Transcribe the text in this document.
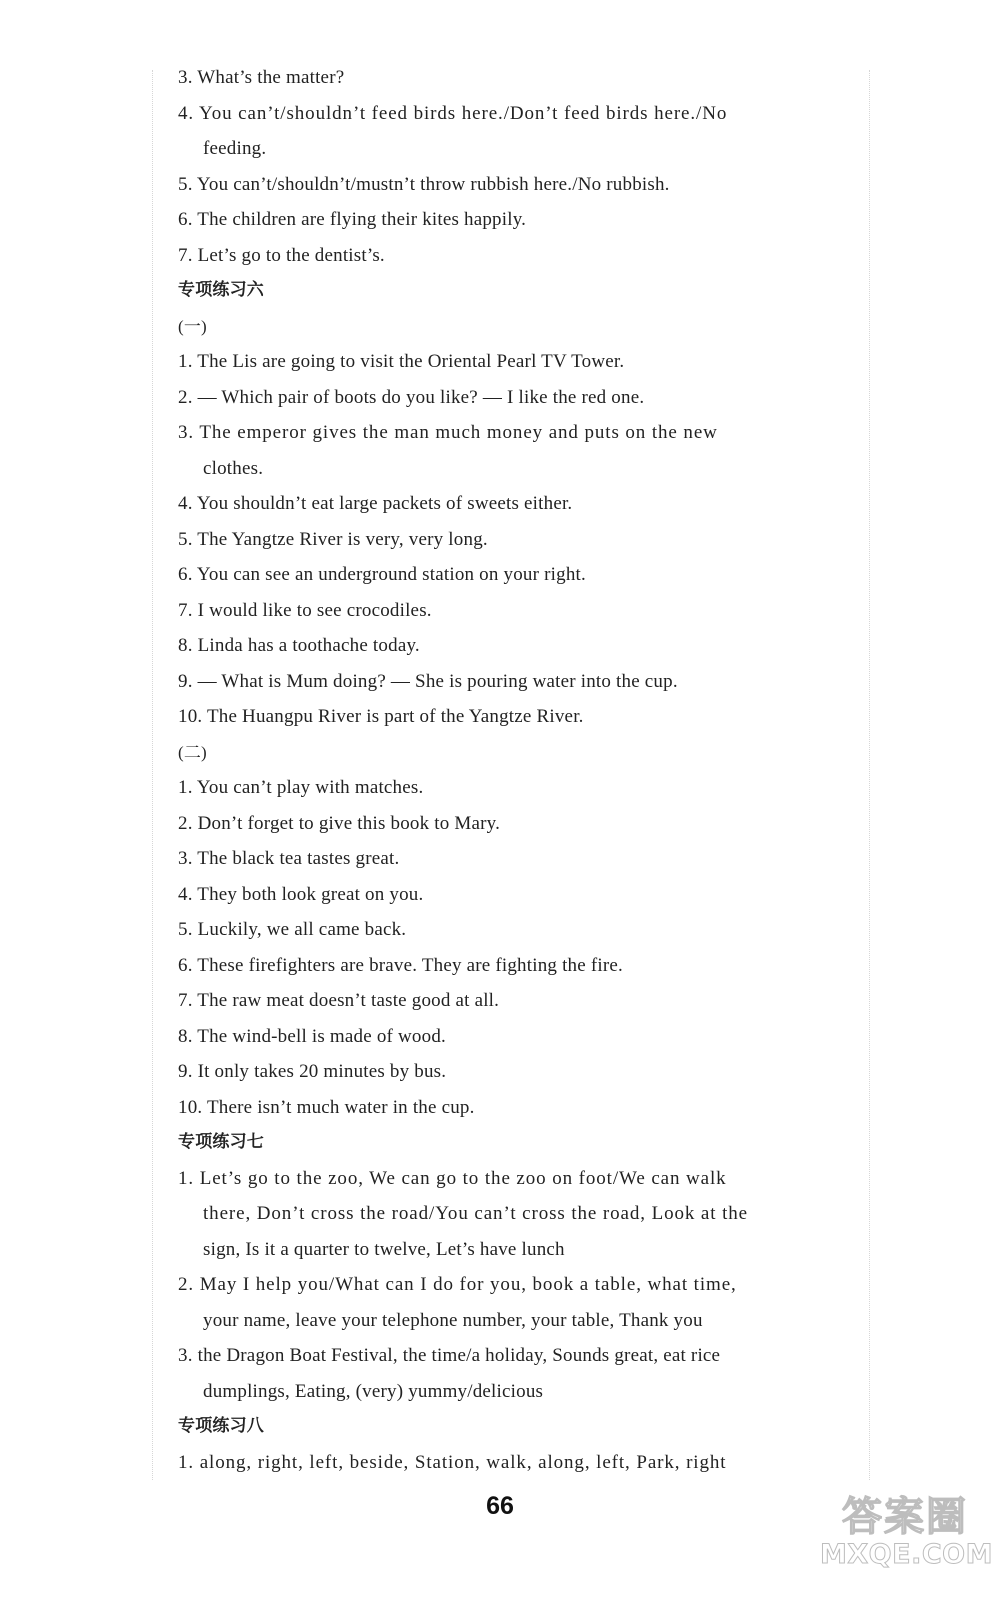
3. What’s the matter?
4. You can’t/shouldn’t feed birds here./Don’t feed birds here./No
feeding.
5. You can’t/shouldn’t/mustn’t throw rubbish here./No rubbish.
6. The children are flying their kites happily.
7. Let’s go to the dentist’s.
专项练习六
(一)
1. The Lis are going to visit the Oriental Pearl TV Tower.
2. — Which pair of boots do you like? — I like the red one.
3. The emperor gives the man much money and puts on the new
clothes.
4. You shouldn’t eat large packets of sweets either.
5. The Yangtze River is very, very long.
6. You can see an underground station on your right.
7. I would like to see crocodiles.
8. Linda has a toothache today.
9. — What is Mum doing? — She is pouring water into the cup.
10. The Huangpu River is part of the Yangtze River.
(二)
1. You can’t play with matches.
2. Don’t forget to give this book to Mary.
3. The black tea tastes great.
4. They both look great on you.
5. Luckily, we all came back.
6. These firefighters are brave. They are fighting the fire.
7. The raw meat doesn’t taste good at all.
8. The wind-bell is made of wood.
9. It only takes 20 minutes by bus.
10. There isn’t much water in the cup.
专项练习七
1. Let’s go to the zoo, We can go to the zoo on foot/We can walk
there, Don’t cross the road/You can’t cross the road, Look at the
sign, Is it a quarter to twelve, Let’s have lunch
2. May I help you/What can I do for you, book a table, what time,
your name, leave your telephone number, your table, Thank you
3. the Dragon Boat Festival, the time/a holiday, Sounds great, eat rice
dumplings, Eating, (very) yummy/delicious
专项练习八
1. along, right, left, beside, Station, walk, along, left, Park, right
66	答案圈
MXQE.COM
